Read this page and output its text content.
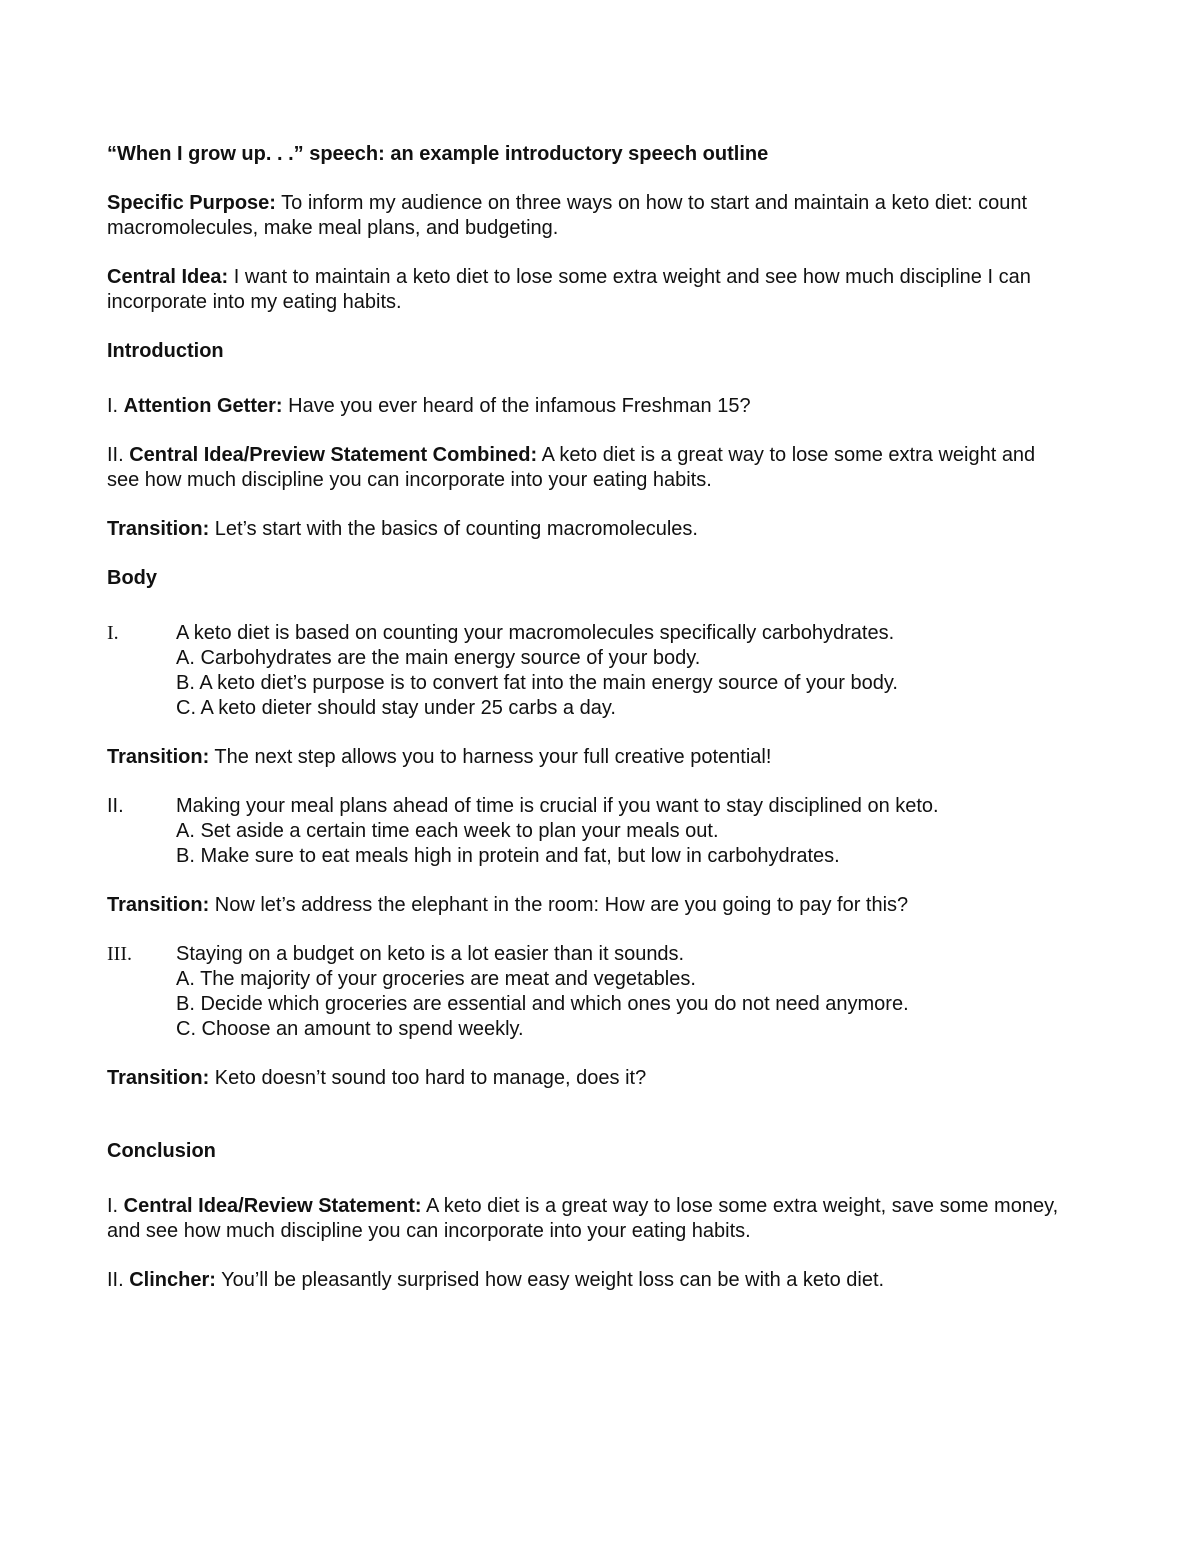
“When I grow up. . .” speech: an example introductory speech outline

Specific Purpose: To inform my audience on three ways on how to start and maintain a keto diet: count macromolecules, make meal plans, and budgeting.

Central Idea: I want to maintain a keto diet to lose some extra weight and see how much discipline I can incorporate into my eating habits.

Introduction

I. Attention Getter: Have you ever heard of the infamous Freshman 15?

II. Central Idea/Preview Statement Combined: A keto diet is a great way to lose some extra weight and see how much discipline you can incorporate into your eating habits.

Transition: Let’s start with the basics of counting macromolecules.

Body

I.	A keto diet is based on counting your macromolecules specifically carbohydrates.

A. Carbohydrates are the main energy source of your body.

B. A keto diet’s purpose is to convert fat into the main energy source of your body.

C. A keto dieter should stay under 25 carbs a day.

Transition: The next step allows you to harness your full creative potential!

II.	Making your meal plans ahead of time is crucial if you want to stay disciplined on keto.

A. Set aside a certain time each week to plan your meals out.

B. Make sure to eat meals high in protein and fat, but low in carbohydrates.

Transition: Now let’s address the elephant in the room: How are you going to pay for this?

III.	Staying on a budget on keto is a lot easier than it sounds.

A. The majority of your groceries are meat and vegetables.

B. Decide which groceries are essential and which ones you do not need anymore.

C. Choose an amount to spend weekly.

Transition: Keto doesn’t sound too hard to manage, does it?

Conclusion

I. Central Idea/Review Statement: A keto diet is a great way to lose some extra weight, save some money, and see how much discipline you can incorporate into your eating habits.

II. Clincher: You’ll be pleasantly surprised how easy weight loss can be with a keto diet.
